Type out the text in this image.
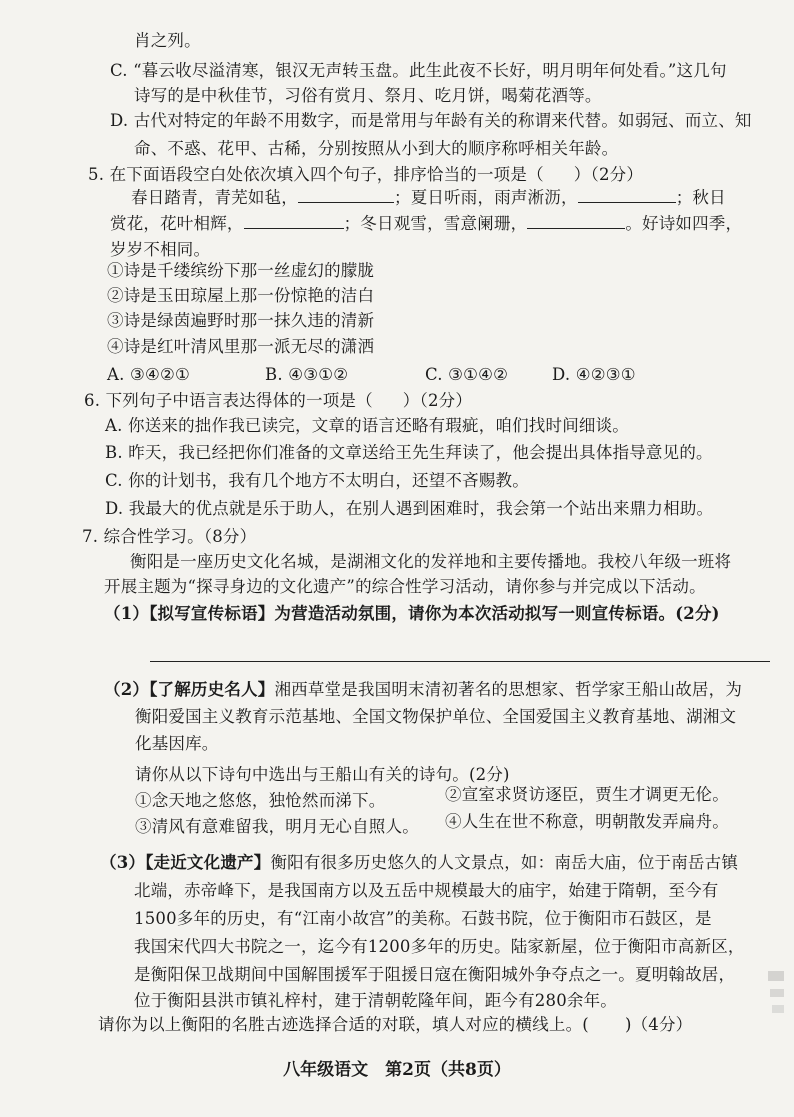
肖之列。
C. “暮云收尽溢清寒，银汉无声转玉盘。此生此夜不长好，明月明年何处看。”这几句
诗写的是中秋佳节，习俗有赏月、祭月、吃月饼，喝菊花酒等。
D. 古代对特定的年龄不用数字，而是常用与年龄有关的称谓来代替。如弱冠、而立、知
命、不惑、花甲、古稀，分别按照从小到大的顺序称呼相关年龄。
5. 在下面语段空白处依次填入四个句子，排序恰当的一项是（ ）（2分）
春日踏青，青芜如毡，	；夏日听雨，雨声淅沥，	；秋日
赏花，花叶相辉，	；冬日观雪，雪意阑珊，	。好诗如四季，
岁岁不相同。
①诗是千缕缤纷下那一丝虚幻的朦胧
②诗是玉田琼屋上那一份惊艳的洁白
③诗是绿茵遍野时那一抹久违的清新
④诗是红叶清风里那一派无尽的潇洒
A. ③④②①	B. ④③①②	C. ③①④②	D. ④②③①
6. 下列句子中语言表达得体的一项是（ ）（2分）
A. 你送来的拙作我已读完，文章的语言还略有瑕疵，咱们找时间细谈。
B. 昨天，我已经把你们准备的文章送给王先生拜读了，他会提出具体指导意见的。
C. 你的计划书，我有几个地方不太明白，还望不吝赐教。
D. 我最大的优点就是乐于助人，在别人遇到困难时，我会第一个站出来鼎力相助。
7. 综合性学习。（8分）
衡阳是一座历史文化名城，是湖湘文化的发祥地和主要传播地。我校八年级一班将
开展主题为“探寻身边的文化遗产”的综合性学习活动，请你参与并完成以下活动。
（1）【拟写宣传标语】为营造活动氛围，请你为本次活动拟写一则宣传标语。(2分)
（2）【了解历史名人】湘西草堂是我国明末清初著名的思想家、哲学家王船山故居，为
衡阳爱国主义教育示范基地、全国文物保护单位、全国爱国主义教育基地、湖湘文
化基因库。
请你从以下诗句中选出与王船山有关的诗句。(2分)
①念天地之悠悠，独怆然而涕下。	②宣室求贤访逐臣，贾生才调更无伦。
③清风有意难留我，明月无心自照人。 ④人生在世不称意，明朝散发弄扁舟。
（3）【走近文化遗产】衡阳有很多历史悠久的人文景点，如：南岳大庙，位于南岳古镇
北端，赤帝峰下，是我国南方以及五岳中规模最大的庙宇，始建于隋朝，至今有
1500多年的历史，有“江南小故宫”的美称。石鼓书院，位于衡阳市石鼓区，是
我国宋代四大书院之一，迄今有1200多年的历史。陆家新屋，位于衡阳市高新区，
是衡阳保卫战期间中国解围援军于阻援日寇在衡阳城外争夺点之一。夏明翰故居，
位于衡阳县洪市镇礼梓村，建于清朝乾隆年间，距今有280余年。
请你为以上衡阳的名胜古迹选择合适的对联，填人对应的横线上。( )（4分）
八年级语文　第2页（共8页）
